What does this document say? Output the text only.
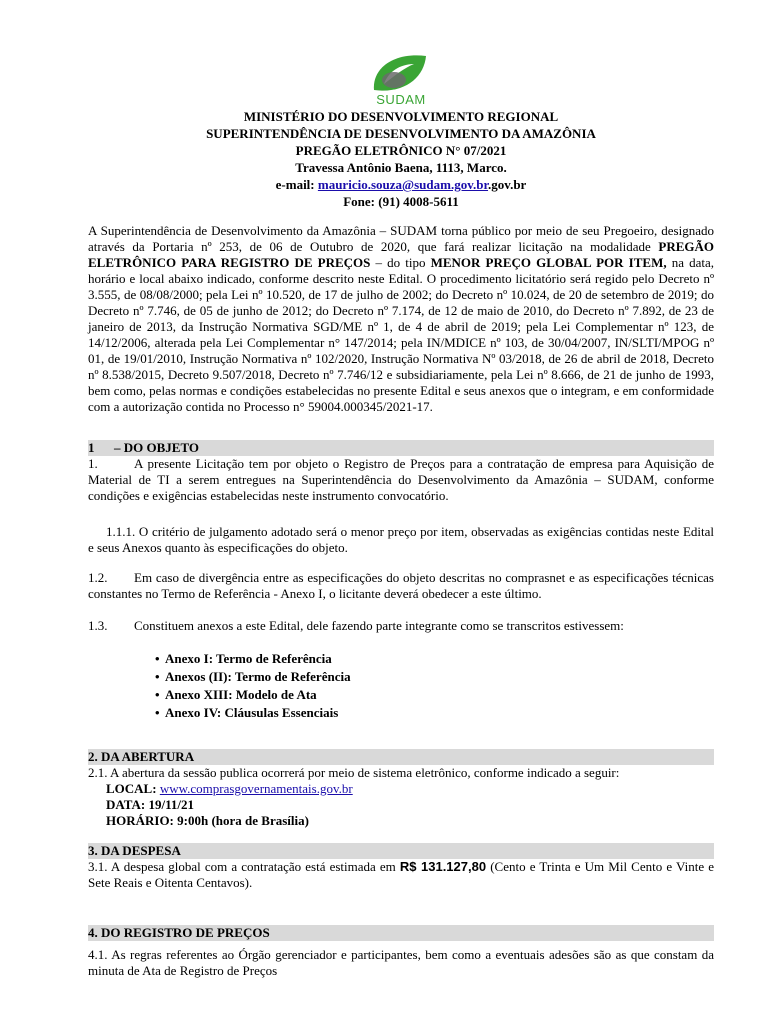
SUDAM
MINISTÉRIO DO DESENVOLVIMENTO REGIONAL
SUPERINTENDÊNCIA DE DESENVOLVIMENTO DA AMAZÔNIA
PREGÃO ELETRÔNICO N° 07/2021
Travessa Antônio Baena, 1113, Marco.
e-mail: mauricio.souza@sudam.gov.br.gov.br
Fone: (91) 4008-5611
A Superintendência de Desenvolvimento da Amazônia – SUDAM torna público por meio de seu Pregoeiro, designado através da Portaria nº 253, de 06 de Outubro de 2020, que fará realizar licitação na modalidade PREGÃO ELETRÔNICO PARA REGISTRO DE PREÇOS – do tipo MENOR PREÇO GLOBAL POR ITEM, na data, horário e local abaixo indicado, conforme descrito neste Edital. O procedimento licitatório será regido pelo Decreto nº 3.555, de 08/08/2000; pela Lei nº 10.520, de 17 de julho de 2002; do Decreto nº 10.024, de 20 de setembro de 2019; do Decreto nº 7.746, de 05 de junho de 2012; do Decreto nº 7.174, de 12 de maio de 2010, do Decreto nº 7.892, de 23 de janeiro de 2013, da Instrução Normativa SGD/ME nº 1, de 4 de abril de 2019; pela Lei Complementar nº 123, de 14/12/2006, alterada pela Lei Complementar n° 147/2014; pela IN/MDICE nº 103, de 30/04/2007, IN/SLTI/MPOG nº 01, de 19/01/2010, Instrução Normativa nº 102/2020, Instrução Normativa Nº 03/2018, de 26 de abril de 2018, Decreto nº 8.538/2015, Decreto 9.507/2018, Decreto nº 7.746/12 e subsidiariamente, pela Lei nº 8.666, de 21 de junho de 1993, bem como, pelas normas e condições estabelecidas no presente Edital e seus anexos que o integram, e em conformidade com a autorização contida no Processo n° 59004.000345/2021-17.
1      – DO OBJETO
1.	A presente Licitação tem por objeto o Registro de Preços para a contratação de empresa para Aquisição de Material de TI a serem entregues na Superintendência do Desenvolvimento da Amazônia – SUDAM, conforme condições e exigências estabelecidas neste instrumento convocatório.
1.1.1. O critério de julgamento adotado será o menor preço por item, observadas as exigências contidas neste Edital e seus Anexos quanto às especificações do objeto.
1.2. Em caso de divergência entre as especificações do objeto descritas no comprasnet e as especificações técnicas constantes no Termo de Referência - Anexo I, o licitante deverá obedecer a este último.
1.3. Constituem anexos a este Edital, dele fazendo parte integrante como se transcritos estivessem:
• Anexo I: Termo de Referência
• Anexos (II): Termo de Referência
• Anexo XIII: Modelo de Ata
• Anexo IV: Cláusulas Essenciais
2. DA ABERTURA
2.1. A abertura da sessão publica ocorrerá por meio de sistema eletrônico, conforme indicado a seguir:
LOCAL: www.comprasgovernamentais.gov.br
DATA: 19/11/21
HORÁRIO: 9:00h (hora de Brasília)
3. DA DESPESA
3.1. A despesa global com a contratação está estimada em R$ 131.127,80 (Cento e Trinta e Um Mil Cento e Vinte e Sete Reais e Oitenta Centavos).
4. DO REGISTRO DE PREÇOS
4.1. As regras referentes ao Órgão gerenciador e participantes, bem como a eventuais adesões são as que constam da minuta de Ata de Registro de Preços
